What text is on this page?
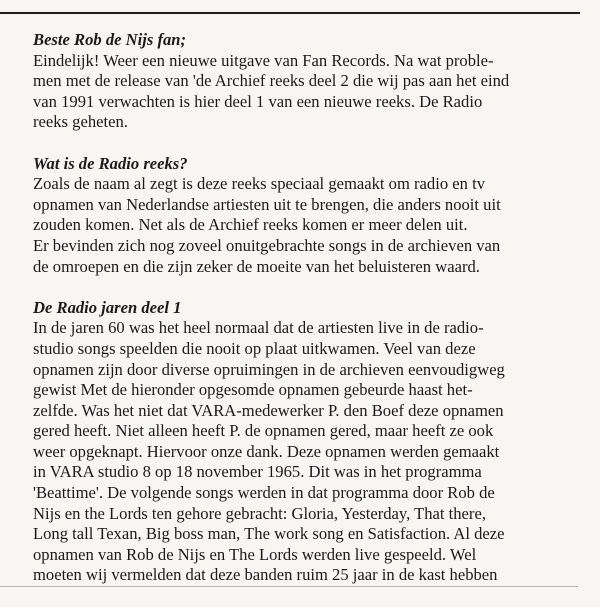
Beste Rob de Nijs fan;
Eindelijk! Weer een nieuwe uitgave van Fan Records. Na wat proble-
men met de release van 'de Archief reeks deel 2 die wij pas aan het eind
van 1991 verwachten is hier deel 1 van een nieuwe reeks. De Radio
reeks geheten.
Wat is de Radio reeks?
Zoals de naam al zegt is deze reeks speciaal gemaakt om radio en tv
opnamen van Nederlandse artiesten uit te brengen, die anders nooit uit
zouden komen. Net als de Archief reeks komen er meer delen uit.
Er bevinden zich nog zoveel onuitgebrachte songs in de archieven van
de omroepen en die zijn zeker de moeite van het beluisteren waard.
De Radio jaren deel 1
In de jaren 60 was het heel normaal dat de artiesten live in de radio-
studio songs speelden die nooit op plaat uitkwamen. Veel van deze
opnamen zijn door diverse opruimingen in de archieven eenvoudigweg
gewist Met de hieronder opgesomde opnamen gebeurde haast het-
zelfde. Was het niet dat VARA-medewerker P. den Boef deze opnamen
gered heeft. Niet alleen heeft P. de opnamen gered, maar heeft ze ook
weer opgeknapt. Hiervoor onze dank. Deze opnamen werden gemaakt
in VARA studio 8 op 18 november 1965. Dit was in het programma
'Beattime'. De volgende songs werden in dat programma door Rob de
Nijs en the Lords ten gehore gebracht: Gloria, Yesterday, That there,
Long tall Texan, Big boss man, The work song en Satisfaction. Al deze
opnamen van Rob de Nijs en The Lords werden live gespeeld. Wel
moeten wij vermelden dat deze banden ruim 25 jaar in de kast hebben
